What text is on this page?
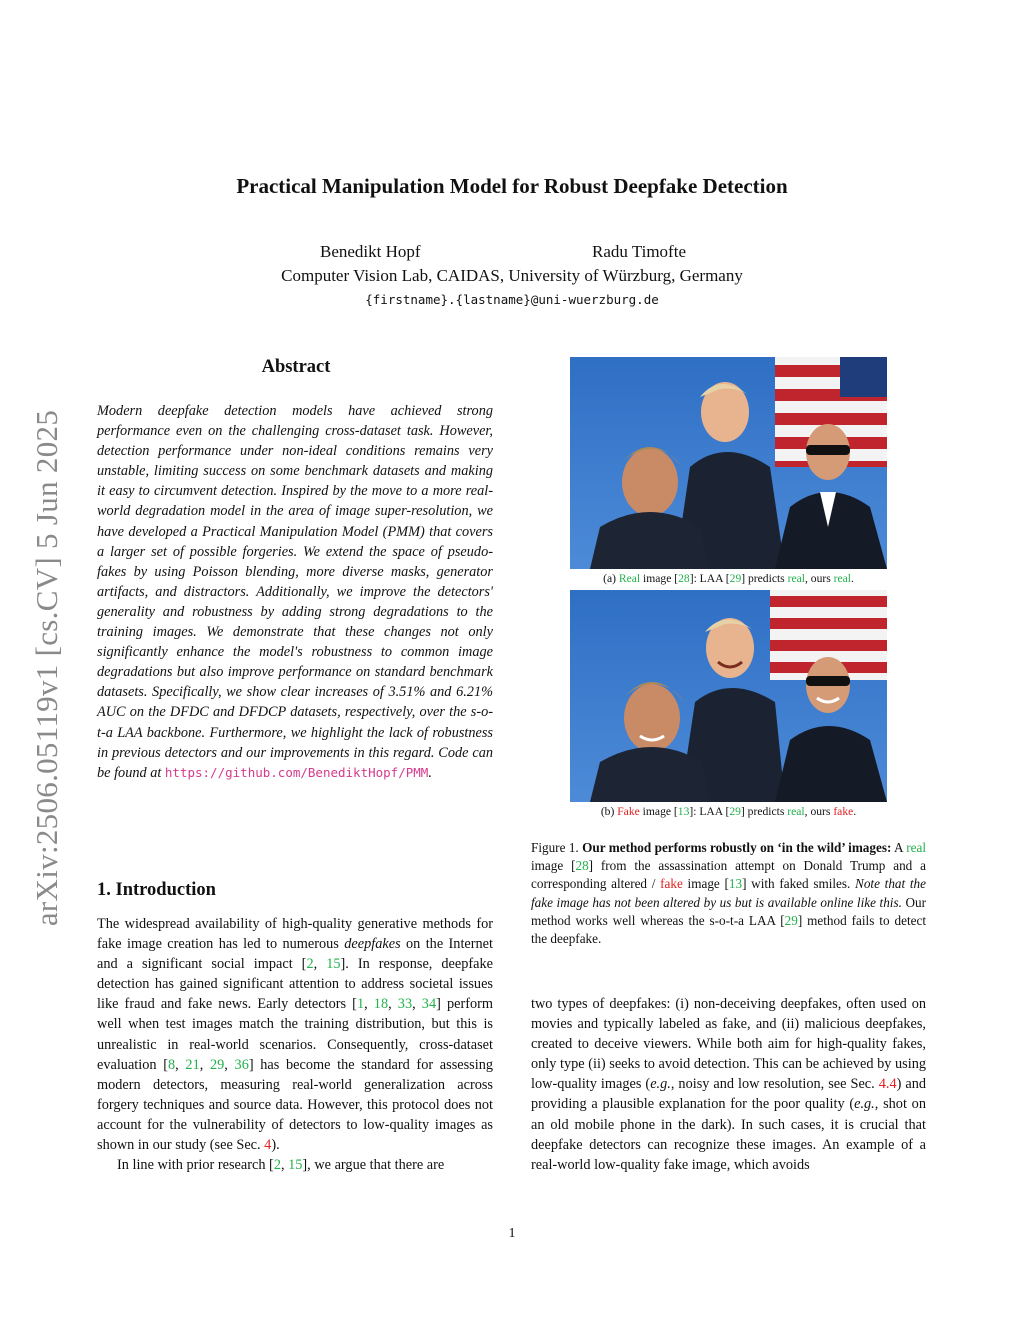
Practical Manipulation Model for Robust Deepfake Detection
Benedikt Hopf	Radu Timofte
Computer Vision Lab, CAIDAS, University of Würzburg, Germany
{firstname}.{lastname}@uni-wuerzburg.de
arXiv:2506.05119v1 [cs.CV] 5 Jun 2025
Abstract
Modern deepfake detection models have achieved strong performance even on the challenging cross-dataset task. However, detection performance under non-ideal conditions remains very unstable, limiting success on some benchmark datasets and making it easy to circumvent detection. Inspired by the move to a more real-world degradation model in the area of image super-resolution, we have developed a Practical Manipulation Model (PMM) that covers a larger set of possible forgeries. We extend the space of pseudo-fakes by using Poisson blending, more diverse masks, generator artifacts, and distractors. Additionally, we improve the detectors' generality and robustness by adding strong degradations to the training images. We demonstrate that these changes not only significantly enhance the model's robustness to common image degradations but also improve performance on standard benchmark datasets. Specifically, we show clear increases of 3.51% and 6.21% AUC on the DFDC and DFDCP datasets, respectively, over the s-o-t-a LAA backbone. Furthermore, we highlight the lack of robustness in previous detectors and our improvements in this regard. Code can be found at https://github.com/BenediktHopf/PMM.
1. Introduction
The widespread availability of high-quality generative methods for fake image creation has led to numerous deepfakes on the Internet and a significant social impact [2, 15]. In response, deepfake detection has gained significant attention to address societal issues like fraud and fake news. Early detectors [1, 18, 33, 34] perform well when test images match the training distribution, but this is unrealistic in real-world scenarios. Consequently, cross-dataset evaluation [8, 21, 29, 36] has become the standard for assessing modern detectors, measuring real-world generalization across forgery techniques and source data. However, this protocol does not account for the vulnerability of detectors to low-quality images as shown in our study (see Sec. 4).
In line with prior research [2, 15], we argue that there are
(a) Real image [28]: LAA [29] predicts real, ours real.
(b) Fake image [13]: LAA [29] predicts real, ours fake.
Figure 1. Our method performs robustly on ‘in the wild’ images: A real image [28] from the assassination attempt on Donald Trump and a corresponding altered / fake image [13] with faked smiles. Note that the fake image has not been altered by us but is available online like this. Our method works well whereas the s-o-t-a LAA [29] method fails to detect the deepfake.
two types of deepfakes: (i) non-deceiving deepfakes, often used on movies and typically labeled as fake, and (ii) malicious deepfakes, created to deceive viewers. While both aim for high-quality fakes, only type (ii) seeks to avoid detection. This can be achieved by using low-quality images (e.g., noisy and low resolution, see Sec. 4.4) and providing a plausible explanation for the poor quality (e.g., shot on an old mobile phone in the dark). In such cases, it is crucial that deepfake detectors can recognize these images. An example of a real-world low-quality fake image, which avoids
1
